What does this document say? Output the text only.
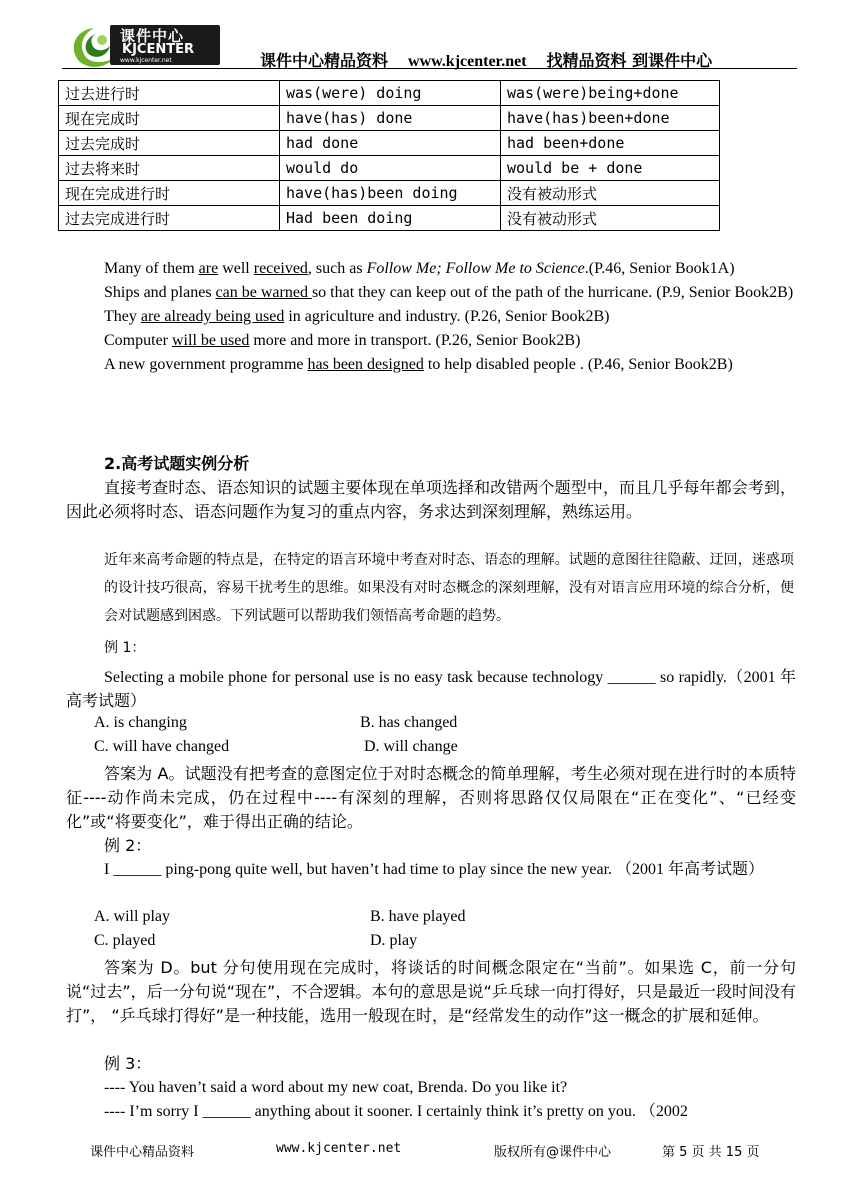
课件中心
KJCENTER
www.kjcenter.net	课件中心精品资料 www.kjcenter.net 找精品资料 到课件中心
过去进行时	was(were) doing	was(were)being+done
现在完成时	have(has) done	have(has)been+done
过去完成时	had done	had been+done
过去将来时	would do	would be + done
现在完成进行时	have(has)been doing	没有被动形式
过去完成进行时	Had been doing	没有被动形式
Many of them are well received, such as Follow Me; Follow Me to Science.(P.46, Senior Book1A)
Ships and planes can be warned so that they can keep out of the path of the hurricane. (P.9, Senior Book2B)
They are already being used in agriculture and industry. (P.26, Senior Book2B)
Computer will be used more and more in transport. (P.26, Senior Book2B)
A new government programme has been designed to help disabled people . (P.46, Senior Book2B)
2.高考试题实例分析
直接考查时态、语态知识的试题主要体现在单项选择和改错两个题型中，而且几乎每年都会考到，因此必须将时态、语态问题作为复习的重点内容，务求达到深刻理解，熟练运用。
近年来高考命题的特点是，在特定的语言环境中考查对时态、语态的理解。试题的意图往往隐蔽、迂回，迷惑项的设计技巧很高，容易干扰考生的思维。如果没有对时态概念的深刻理解，没有对语言应用环境的综合分析，便会对试题感到困惑。下列试题可以帮助我们领悟高考命题的趋势。
例 1：
Selecting a mobile phone for personal use is no easy task because technology ______ so rapidly.（2001 年高考试题）
A. is changing	B. has changed
C. will have changed	D. will change
答案为 A。试题没有把考查的意图定位于对时态概念的简单理解，考生必须对现在进行时的本质特征----动作尚未完成，仍在过程中----有深刻的理解，否则将思路仅仅局限在“正在变化”、“已经变化”或“将要变化”，难于得出正确的结论。
例 2：
I ______ ping-pong quite well, but haven’t had time to play since the new year. （2001 年高考试题）
A. will play	B. have played
C. played	D. play
答案为 D。but 分句使用现在完成时，将谈话的时间概念限定在“当前”。如果选 C，前一分句说“过去”，后一分句说“现在”，不合逻辑。本句的意思是说“乒乓球一向打得好，只是最近一段时间没有打”， “乒乓球打得好”是一种技能，选用一般现在时，是“经常发生的动作”这一概念的扩展和延伸。
例 3：
---- You haven’t said a word about my new coat, Brenda. Do you like it?
---- I’m sorry I ______ anything about it sooner. I certainly think it’s pretty on you. （2002
课件中心精品资料	www.kjcenter.net	版权所有@课件中心	第 5 页 共 15 页
